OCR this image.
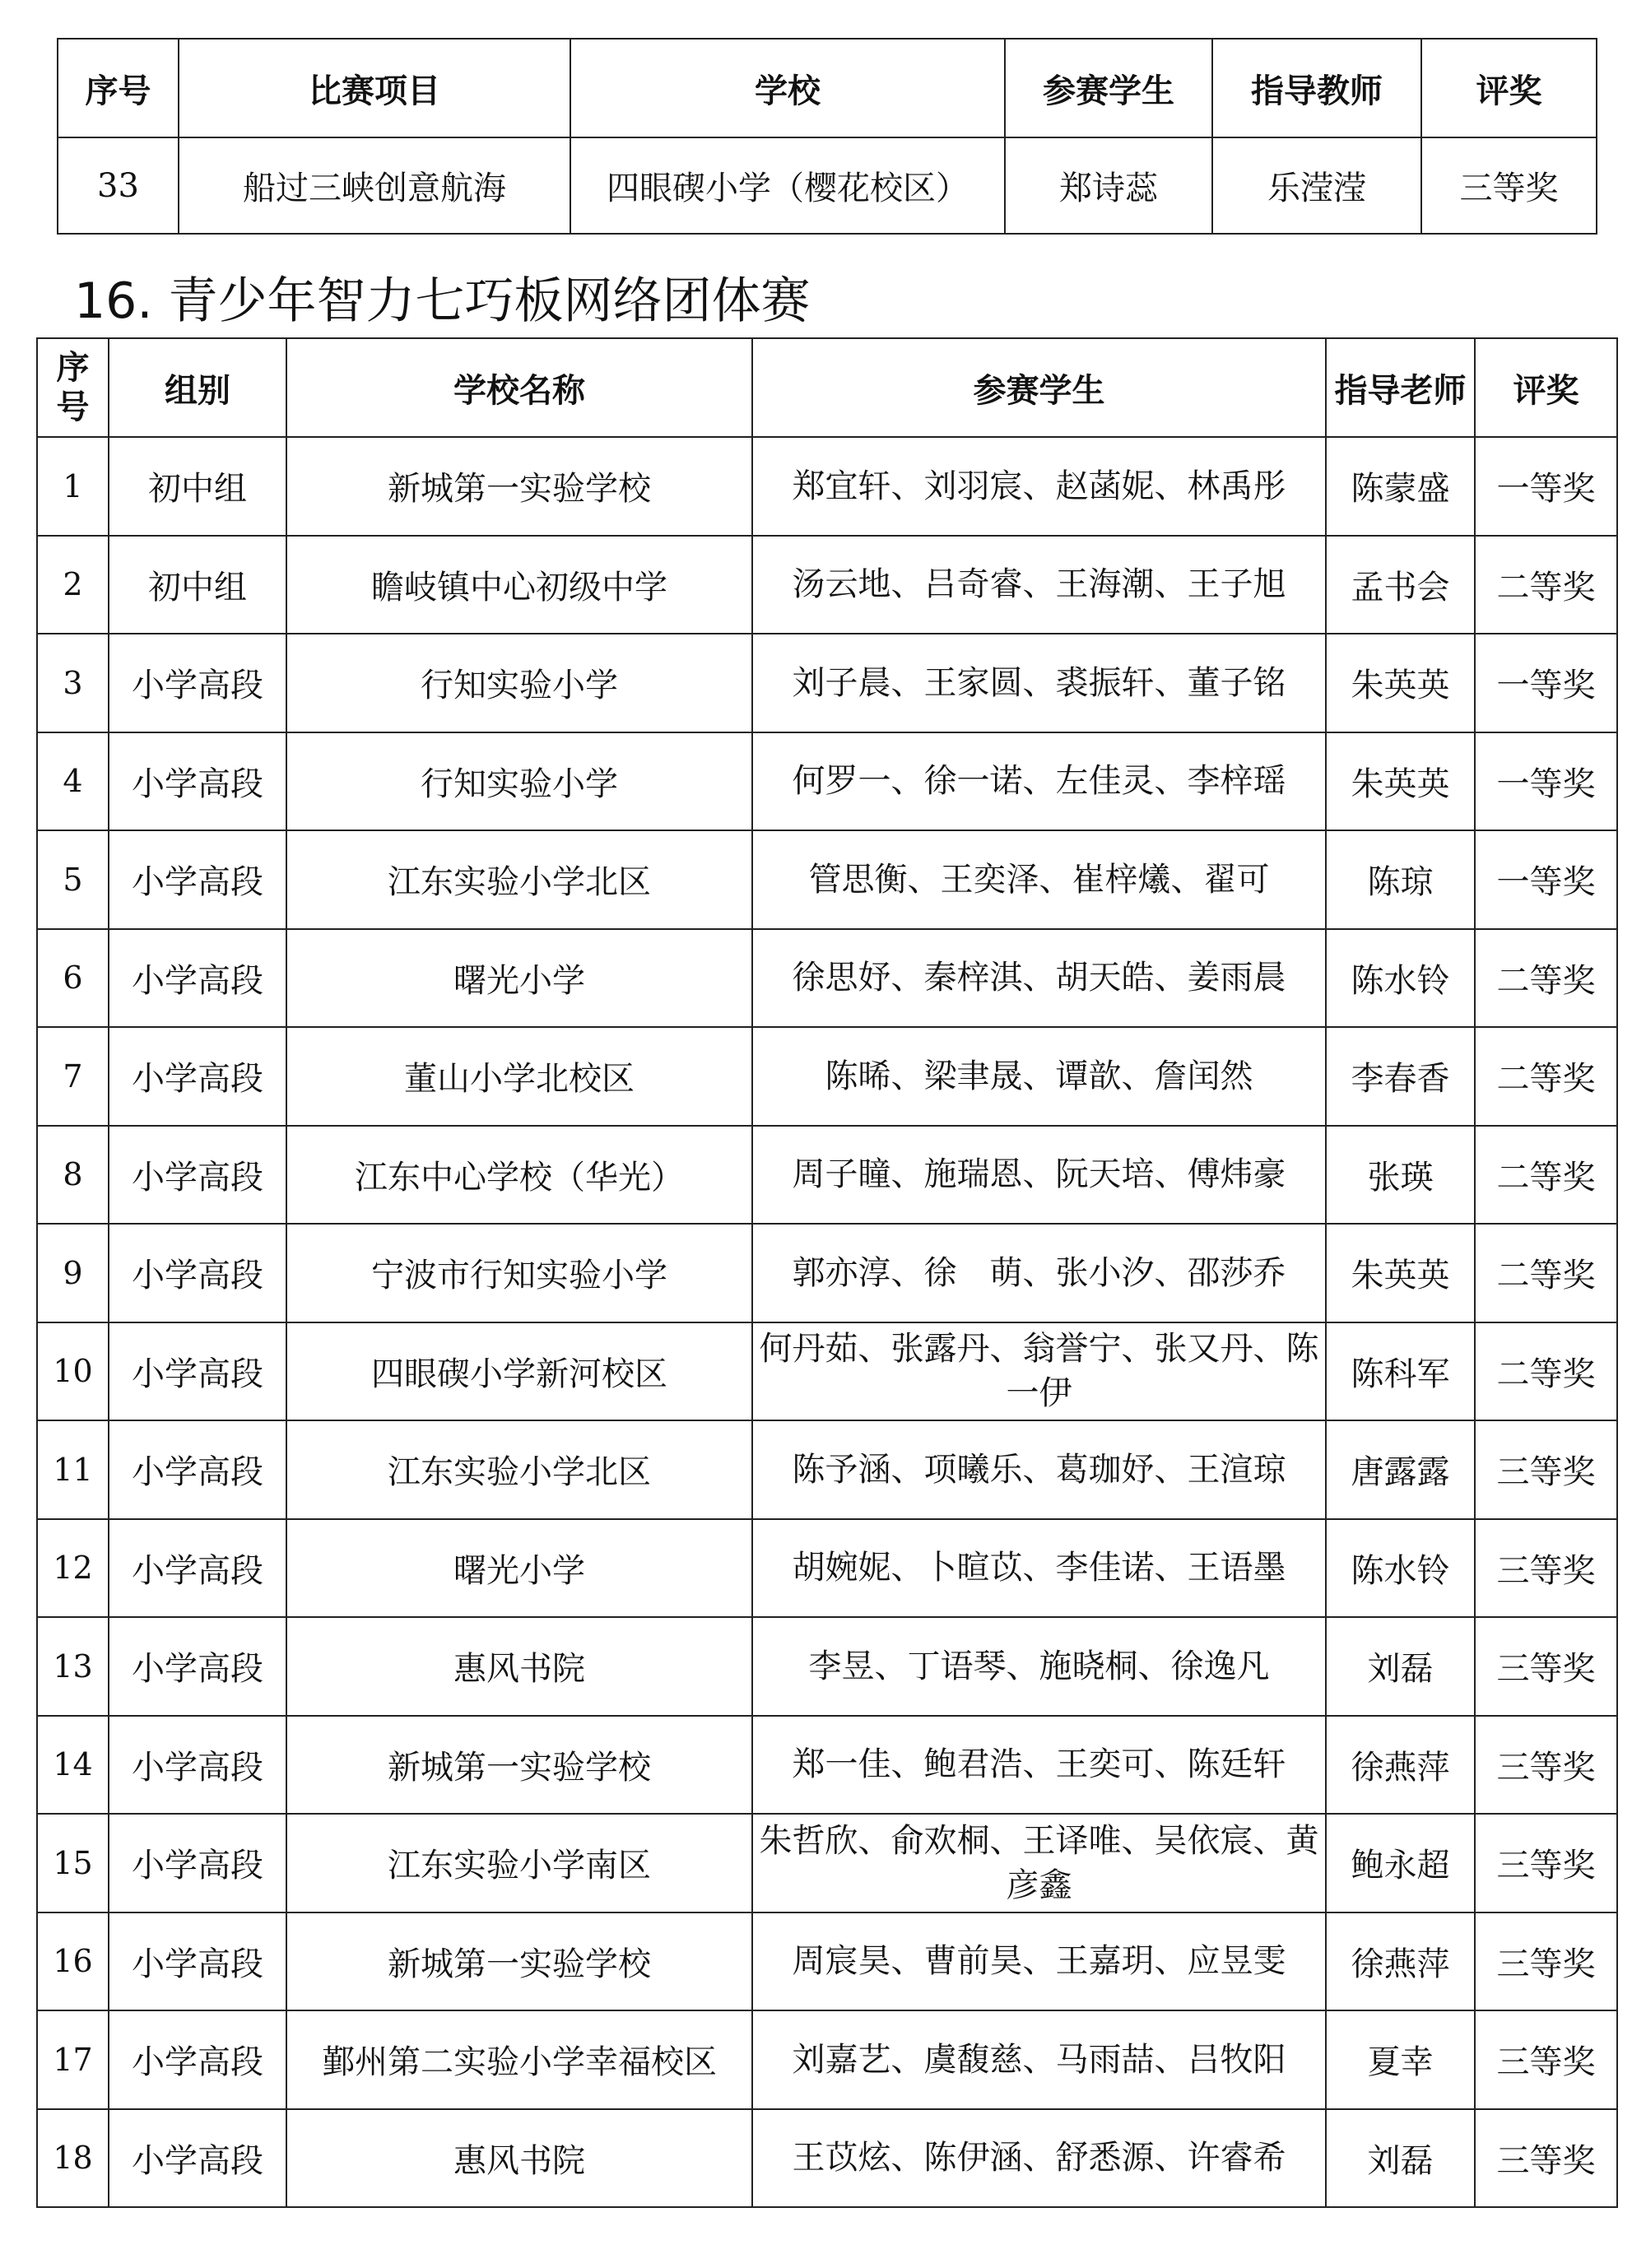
序号	比赛项目	学校	参赛学生	指导教师	评奖
33	船过三峡创意航海	四眼碶小学（樱花校区）	郑诗蕊	乐滢滢	三等奖
16. 青少年智力七巧板网络团体赛
序号	组别	学校名称	参赛学生	指导老师	评奖
1	初中组	新城第一实验学校	郑宜轩、刘羽宸、赵菡妮、林禹彤	陈蒙盛	一等奖
2	初中组	瞻岐镇中心初级中学	汤云地、吕奇睿、王海潮、王子旭	孟书会	二等奖
3	小学高段	行知实验小学	刘子晨、王家圆、裘振轩、董子铭	朱英英	一等奖
4	小学高段	行知实验小学	何罗一、徐一诺、左佳灵、李梓瑶	朱英英	一等奖
5	小学高段	江东实验小学北区	管思衡、王奕泽、崔梓爔、翟可	陈琼	一等奖
6	小学高段	曙光小学	徐思妤、秦梓淇、胡天皓、姜雨晨	陈水铃	二等奖
7	小学高段	董山小学北校区	陈晞、梁聿晟、谭歆、詹闰然	李春香	二等奖
8	小学高段	江东中心学校（华光）	周子瞳、施瑞恩、阮天培、傅炜豪	张瑛	二等奖
9	小学高段	宁波市行知实验小学	郭亦淳、徐　萌、张小汐、邵莎乔	朱英英	二等奖
10	小学高段	四眼碶小学新河校区	何丹茹、张露丹、翁誉宁、张又丹、陈一伊	陈科军	二等奖
11	小学高段	江东实验小学北区	陈予涵、项曦乐、葛珈妤、王渲琼	唐露露	三等奖
12	小学高段	曙光小学	胡婉妮、卜暄苡、李佳诺、王语墨	陈水铃	三等奖
13	小学高段	惠风书院	李昱、丁语琴、施晓桐、徐逸凡	刘磊	三等奖
14	小学高段	新城第一实验学校	郑一佳、鲍君浩、王奕可、陈廷轩	徐燕萍	三等奖
15	小学高段	江东实验小学南区	朱哲欣、俞欢桐、王译唯、吴依宸、黄彦鑫	鲍永超	三等奖
16	小学高段	新城第一实验学校	周宸昊、曹前昊、王嘉玥、应昱雯	徐燕萍	三等奖
17	小学高段	鄞州第二实验小学幸福校区	刘嘉艺、虞馥慈、马雨喆、吕牧阳	夏幸	三等奖
18	小学高段	惠风书院	王苡炫、陈伊涵、舒悉源、许睿希	刘磊	三等奖
